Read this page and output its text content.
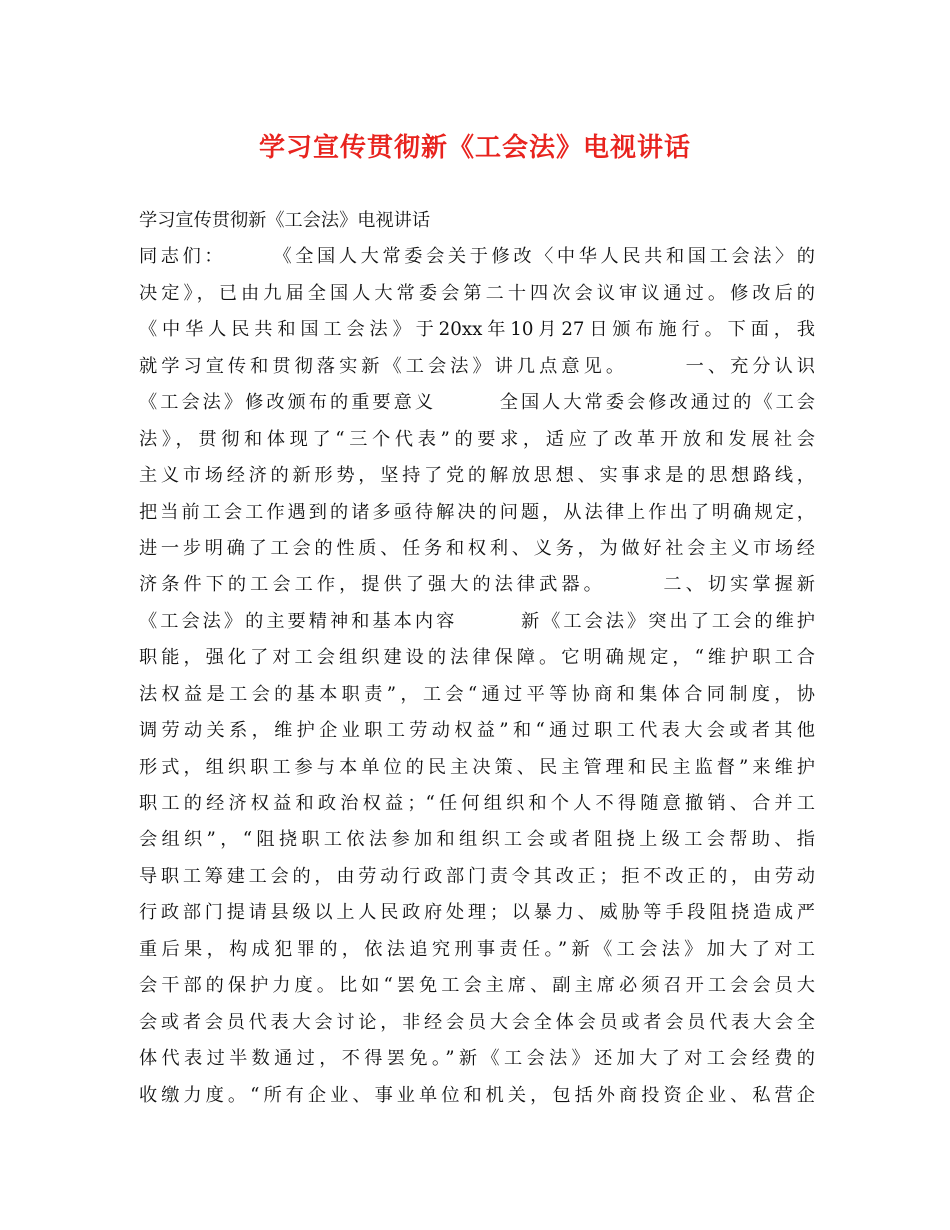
学习宣传贯彻新《工会法》电视讲话
学习宣传贯彻新《工会法》电视讲话
同志们：　　　《全国人大常委会关于修改〈中华人民共和国工会法〉的
决定》，已由九届全国人大常委会第二十四次会议审议通过。修改后的
《中华人民共和国工会法》于20xx年10月27日颁布施行。下面，我
就学习宣传和贯彻落实新《工会法》讲几点意见。　　　一、充分认识
《工会法》修改颁布的重要意义　　　全国人大常委会修改通过的《工会
法》，贯彻和体现了“三个代表”的要求，适应了改革开放和发展社会
主义市场经济的新形势，坚持了党的解放思想、实事求是的思想路线，
把当前工会工作遇到的诸多亟待解决的问题，从法律上作出了明确规定，
进一步明确了工会的性质、任务和权利、义务，为做好社会主义市场经
济条件下的工会工作，提供了强大的法律武器。　　　二、切实掌握新
《工会法》的主要精神和基本内容　　　新《工会法》突出了工会的维护
职能，强化了对工会组织建设的法律保障。它明确规定，“维护职工合
法权益是工会的基本职责”，工会“通过平等协商和集体合同制度，协
调劳动关系，维护企业职工劳动权益”和“通过职工代表大会或者其他
形式，组织职工参与本单位的民主决策、民主管理和民主监督”来维护
职工的经济权益和政治权益；“任何组织和个人不得随意撤销、合并工
会组织”，“阻挠职工依法参加和组织工会或者阻挠上级工会帮助、指
导职工筹建工会的，由劳动行政部门责令其改正；拒不改正的，由劳动
行政部门提请县级以上人民政府处理；以暴力、威胁等手段阻挠造成严
重后果，构成犯罪的，依法追究刑事责任。”新《工会法》加大了对工
会干部的保护力度。比如“罢免工会主席、副主席必须召开工会会员大
会或者会员代表大会讨论，非经会员大会全体会员或者会员代表大会全
体代表过半数通过，不得罢免。”新《工会法》还加大了对工会经费的
收缴力度。“所有企业、事业单位和机关，包括外商投资企业、私营企
